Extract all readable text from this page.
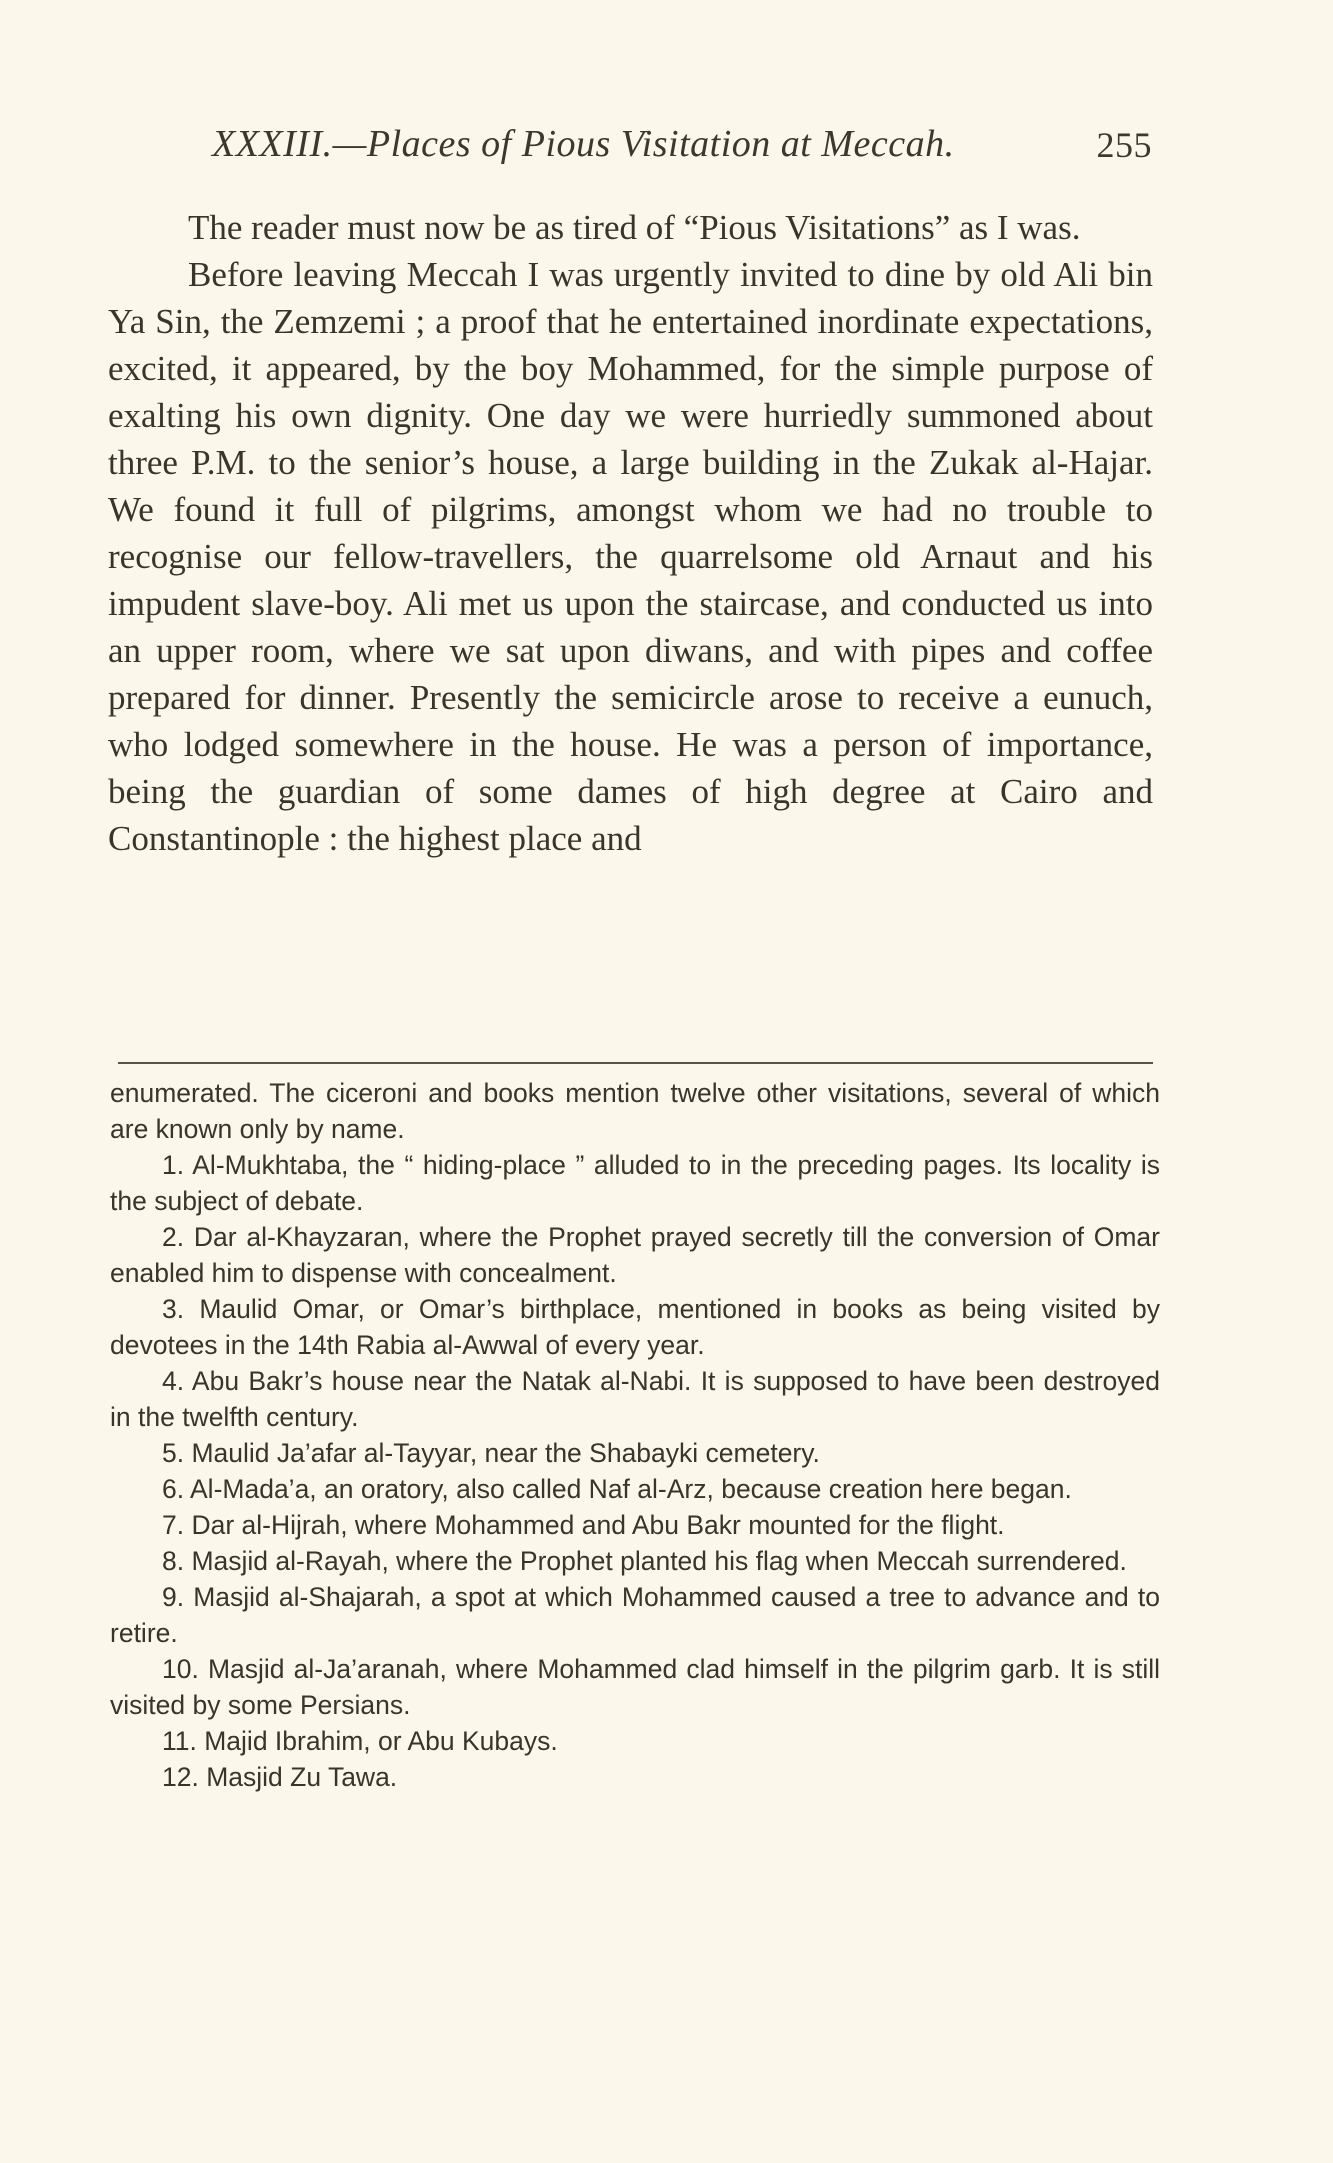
XXXIII.—Places of Pious Visitation at Meccah.	255

The reader must now be as tired of “Pious Visitations” as I was.

Before leaving Meccah I was urgently invited to dine by old Ali bin Ya Sin, the Zemzemi ; a proof that he entertained inordinate expectations, excited, it appeared, by the boy Mohammed, for the simple purpose of exalting his own dignity. One day we were hurriedly summoned about three P.M. to the senior’s house, a large building in the Zukak al-Hajar. We found it full of pilgrims, amongst whom we had no trouble to recognise our fellow-travellers, the quarrelsome old Arnaut and his impudent slave-boy. Ali met us upon the staircase, and conducted us into an upper room, where we sat upon diwans, and with pipes and coffee prepared for dinner. Presently the semicircle arose to receive a eunuch, who lodged somewhere in the house. He was a person of importance, being the guardian of some dames of high degree at Cairo and Constantinople : the highest place and

enumerated. The ciceroni and books mention twelve other visitations, several of which are known only by name.

1. Al-Mukhtaba, the “ hiding-place ” alluded to in the preceding pages. Its locality is the subject of debate.

2. Dar al-Khayzaran, where the Prophet prayed secretly till the conversion of Omar enabled him to dispense with concealment.

3. Maulid Omar, or Omar’s birthplace, mentioned in books as being visited by devotees in the 14th Rabia al-Awwal of every year.

4. Abu Bakr’s house near the Natak al-Nabi. It is supposed to have been destroyed in the twelfth century.

5. Maulid Ja’afar al-Tayyar, near the Shabayki cemetery.

6. Al-Mada’a, an oratory, also called Naf al-Arz, because creation here began.

7. Dar al-Hijrah, where Mohammed and Abu Bakr mounted for the flight.

8. Masjid al-Rayah, where the Prophet planted his flag when Meccah surrendered.

9. Masjid al-Shajarah, a spot at which Mohammed caused a tree to advance and to retire.

10. Masjid al-Ja’aranah, where Mohammed clad himself in the pilgrim garb. It is still visited by some Persians.

11. Majid Ibrahim, or Abu Kubays.

12. Masjid Zu Tawa.
